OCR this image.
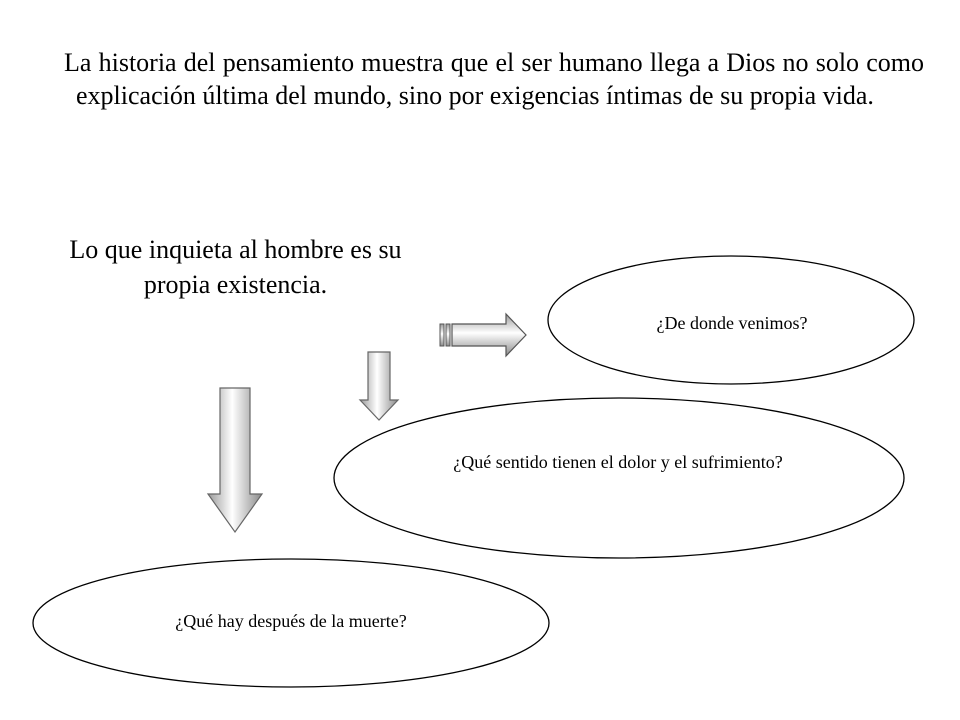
La historia del pensamiento muestra que el ser humano llega a Dios no solo como explicación última del mundo, sino por exigencias íntimas de su propia vida.

Lo que inquieta al hombre es su propia existencia.

¿De donde venimos?
¿Qué sentido tienen el dolor y el sufrimiento?
¿Qué hay después de la muerte?
